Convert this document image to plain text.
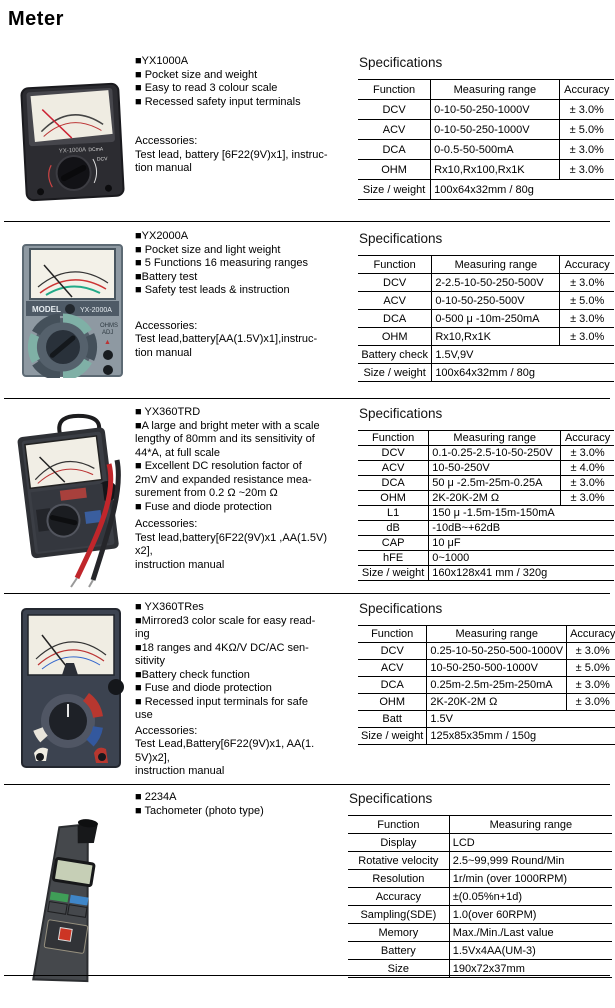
Meter
YX-1000A
DCV
DCmA
■YX1000A
■ Pocket size and weight
■ Easy to read 3 colour scale
■ Recessed safety input terminals
Accessories:
Test lead, battery [6F22(9V)x1], instruc-
tion manual
Specifications
Function	Measuring range	Accuracy
DCV	0-10-50-250-1000V	± 3.0%
ACV	0-10-50-250-1000V	± 5.0%
DCA	0-0.5-50-500mA	± 3.0%
OHM	Rx10,Rx100,Rx1K	± 3.0%
Size / weight	100x64x32mm / 80g	
MODEL	YX-2000A
OHMS
ADJ
▲
■YX2000A
■ Pocket size and light weight
■ 5 Functions 16 measuring ranges
■Battery test
■ Safety test leads & instruction
Accessories:
Test lead,battery[AA(1.5V)x1],instruc-
tion manual
Specifications
Function	Measuring range	Accuracy
DCV	2-2.5-10-50-250-500V	± 3.0%
ACV	0-10-50-250-500V	± 5.0%
DCA	0-500 μ -10m-250mA	± 3.0%
OHM	Rx10,Rx1K	± 3.0%
Battery check	1.5V,9V	
Size / weight	100x64x32mm / 80g	
■ YX360TRD
■A large and bright meter with a scale
lengthy of 80mm and its sensitivity of
44*A, at full scale
■ Excellent DC resolution factor of
2mV and expanded resistance mea-
surement from 0.2 Ω ~20m Ω
■ Fuse and diode protection
Accessories:
Test lead,battery[6F22(9V)x1 ,AA(1.5V)
x2],
instruction manual
Specifications
Function	Measuring range	Accuracy
DCV	0.1-0.25-2.5-10-50-250V	± 3.0%
ACV	10-50-250V	± 4.0%
DCA	50 μ -2.5m-25m-0.25A	± 3.0%
OHM	2K-20K-2M Ω	± 3.0%
L1	150 μ -1.5m-15m-150mA	
dB	-10dB~+62dB	
CAP	10 μF	
hFE	0~1000	
Size / weight	160x128x41 mm / 320g	
■ YX360TRes
■Mirrored3 color scale for easy read-
ing
■18 ranges and 4KΩ/V DC/AC sen-
sitivity
■Battery check function
■ Fuse and diode protection
■ Recessed input terminals for safe
use
Accessories:
Test Lead,Battery[6F22(9V)x1, AA(1.
5V)x2],
instruction manual
Specifications
Function	Measuring range	Accuracy
DCV	0.25-10-50-250-500-1000V	± 3.0%
ACV	10-50-250-500-1000V	± 5.0%
DCA	0.25m-2.5m-25m-250mA	± 3.0%
OHM	2K-20K-2M Ω	± 3.0%
Batt	1.5V	
Size / weight	125x85x35mm / 150g	
■ 2234A
■ Tachometer (photo type)
Specifications
Function	Measuring range
Display	LCD
Rotative velocity	2.5~99,999 Round/Min
Resolution	1r/min (over 1000RPM)
Accuracy	±(0.05%n+1d)
Sampling(SDE)	1.0(over 60RPM)
Memory	Max./Min./Last value
Battery	1.5Vx4AA(UM-3)
Size	190x72x37mm
